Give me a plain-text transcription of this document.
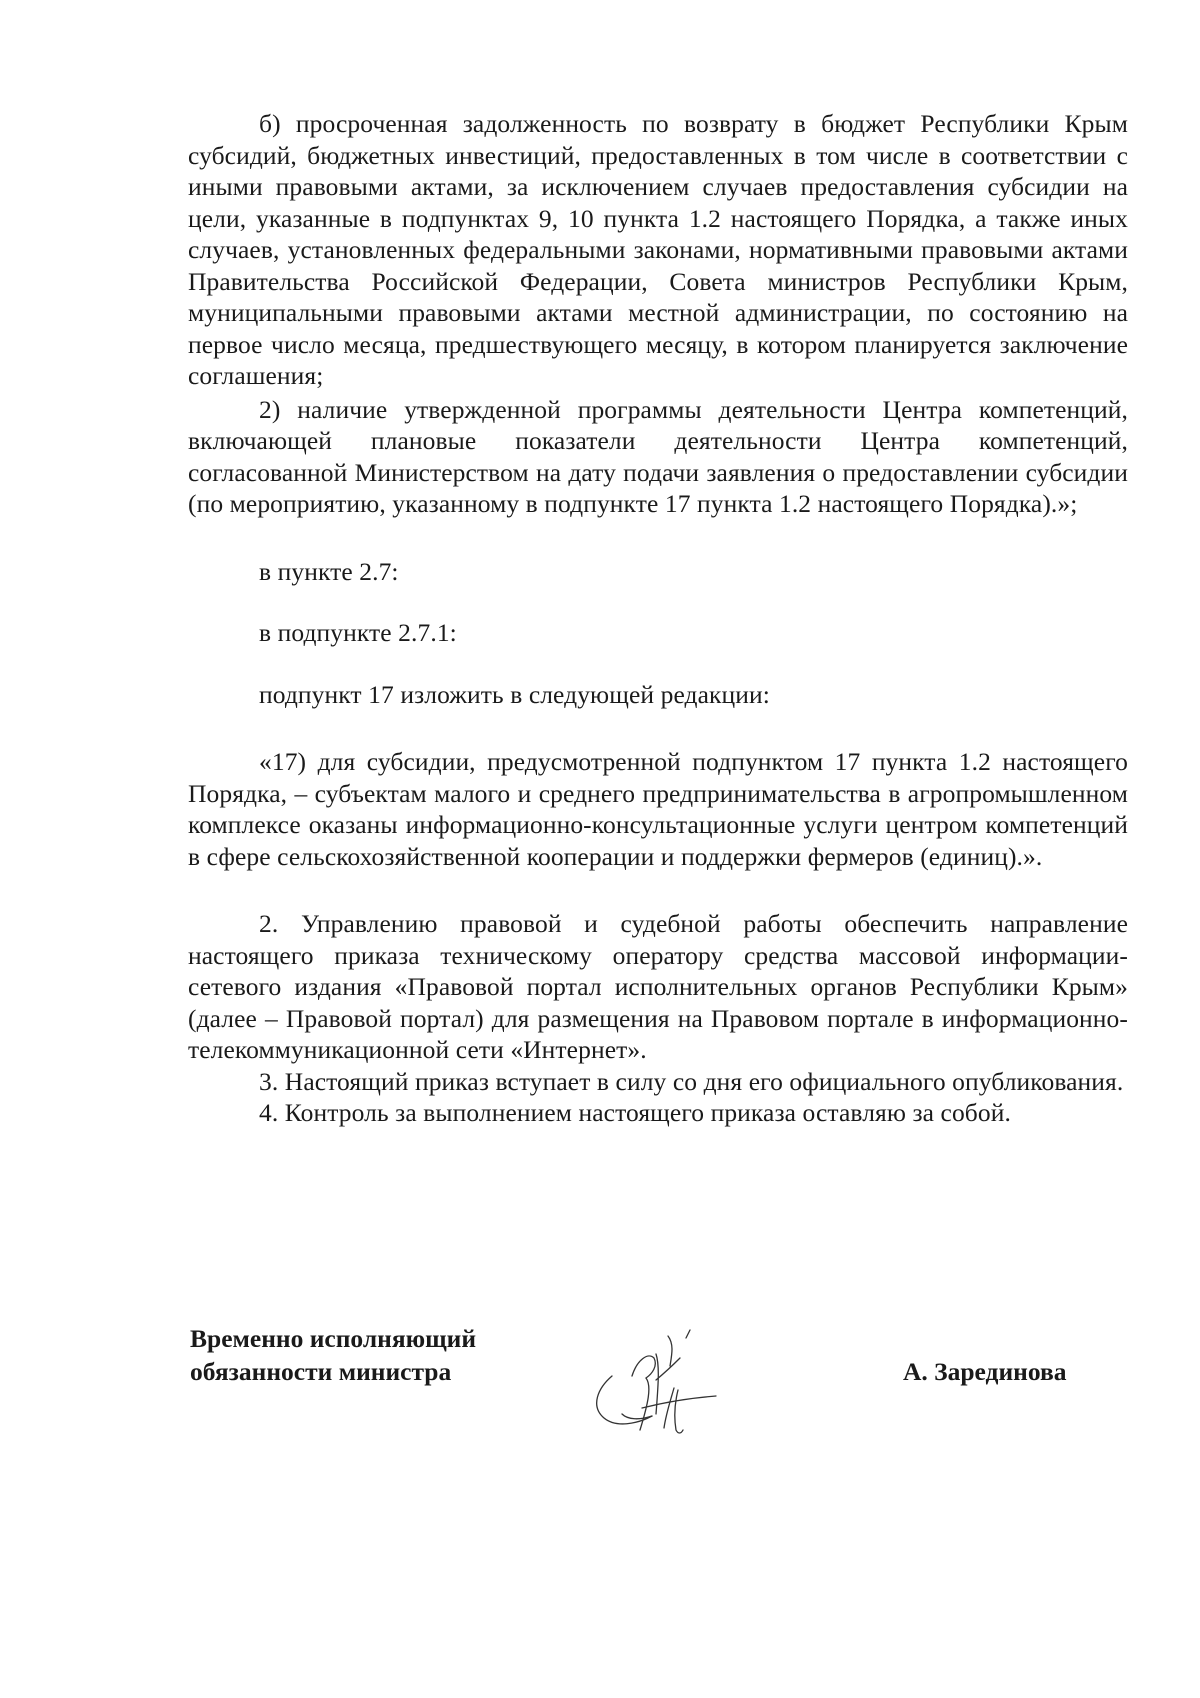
б) просроченная задолженность по возврату в бюджет Республики Крым субсидий, бюджетных инвестиций, предоставленных в том числе в соответствии с иными правовыми актами, за исключением случаев предоставления субсидии на цели, указанные в подпунктах 9, 10 пункта 1.2 настоящего Порядка, а также иных случаев, установленных федеральными законами, нормативными правовыми актами Правительства Российской Федерации, Совета министров Республики Крым, муниципальными правовыми актами местной администрации, по состоянию на первое число месяца, предшествующего месяцу, в котором планируется заключение соглашения;

2) наличие утвержденной программы деятельности Центра компетенций, включающей плановые показатели деятельности Центра компетенций, согласованной Министерством на дату подачи заявления о предоставлении субсидии (по мероприятию, указанному в подпункте 17 пункта 1.2 настоящего Порядка).»;

в пункте 2.7:

в подпункте 2.7.1:

подпункт 17 изложить в следующей редакции:

«17) для субсидии, предусмотренной подпунктом 17 пункта 1.2 настоящего Порядка, – субъектам малого и среднего предпринимательства в агропромышленном комплексе оказаны информационно-консультационные услуги центром компетенций в сфере сельскохозяйственной кооперации и поддержки фермеров (единиц).».

2. Управлению правовой и судебной работы обеспечить направление настоящего приказа техническому оператору средства массовой информации-сетевого издания «Правовой портал исполнительных органов Республики Крым» (далее – Правовой портал) для размещения на Правовом портале в информационно-телекоммуникационной сети «Интернет».

3. Настоящий приказ вступает в силу со дня его официального опубликования.

4. Контроль за выполнением настоящего приказа оставляю за собой.

Временно исполняющий
обязанности министра	А. Зарединова
